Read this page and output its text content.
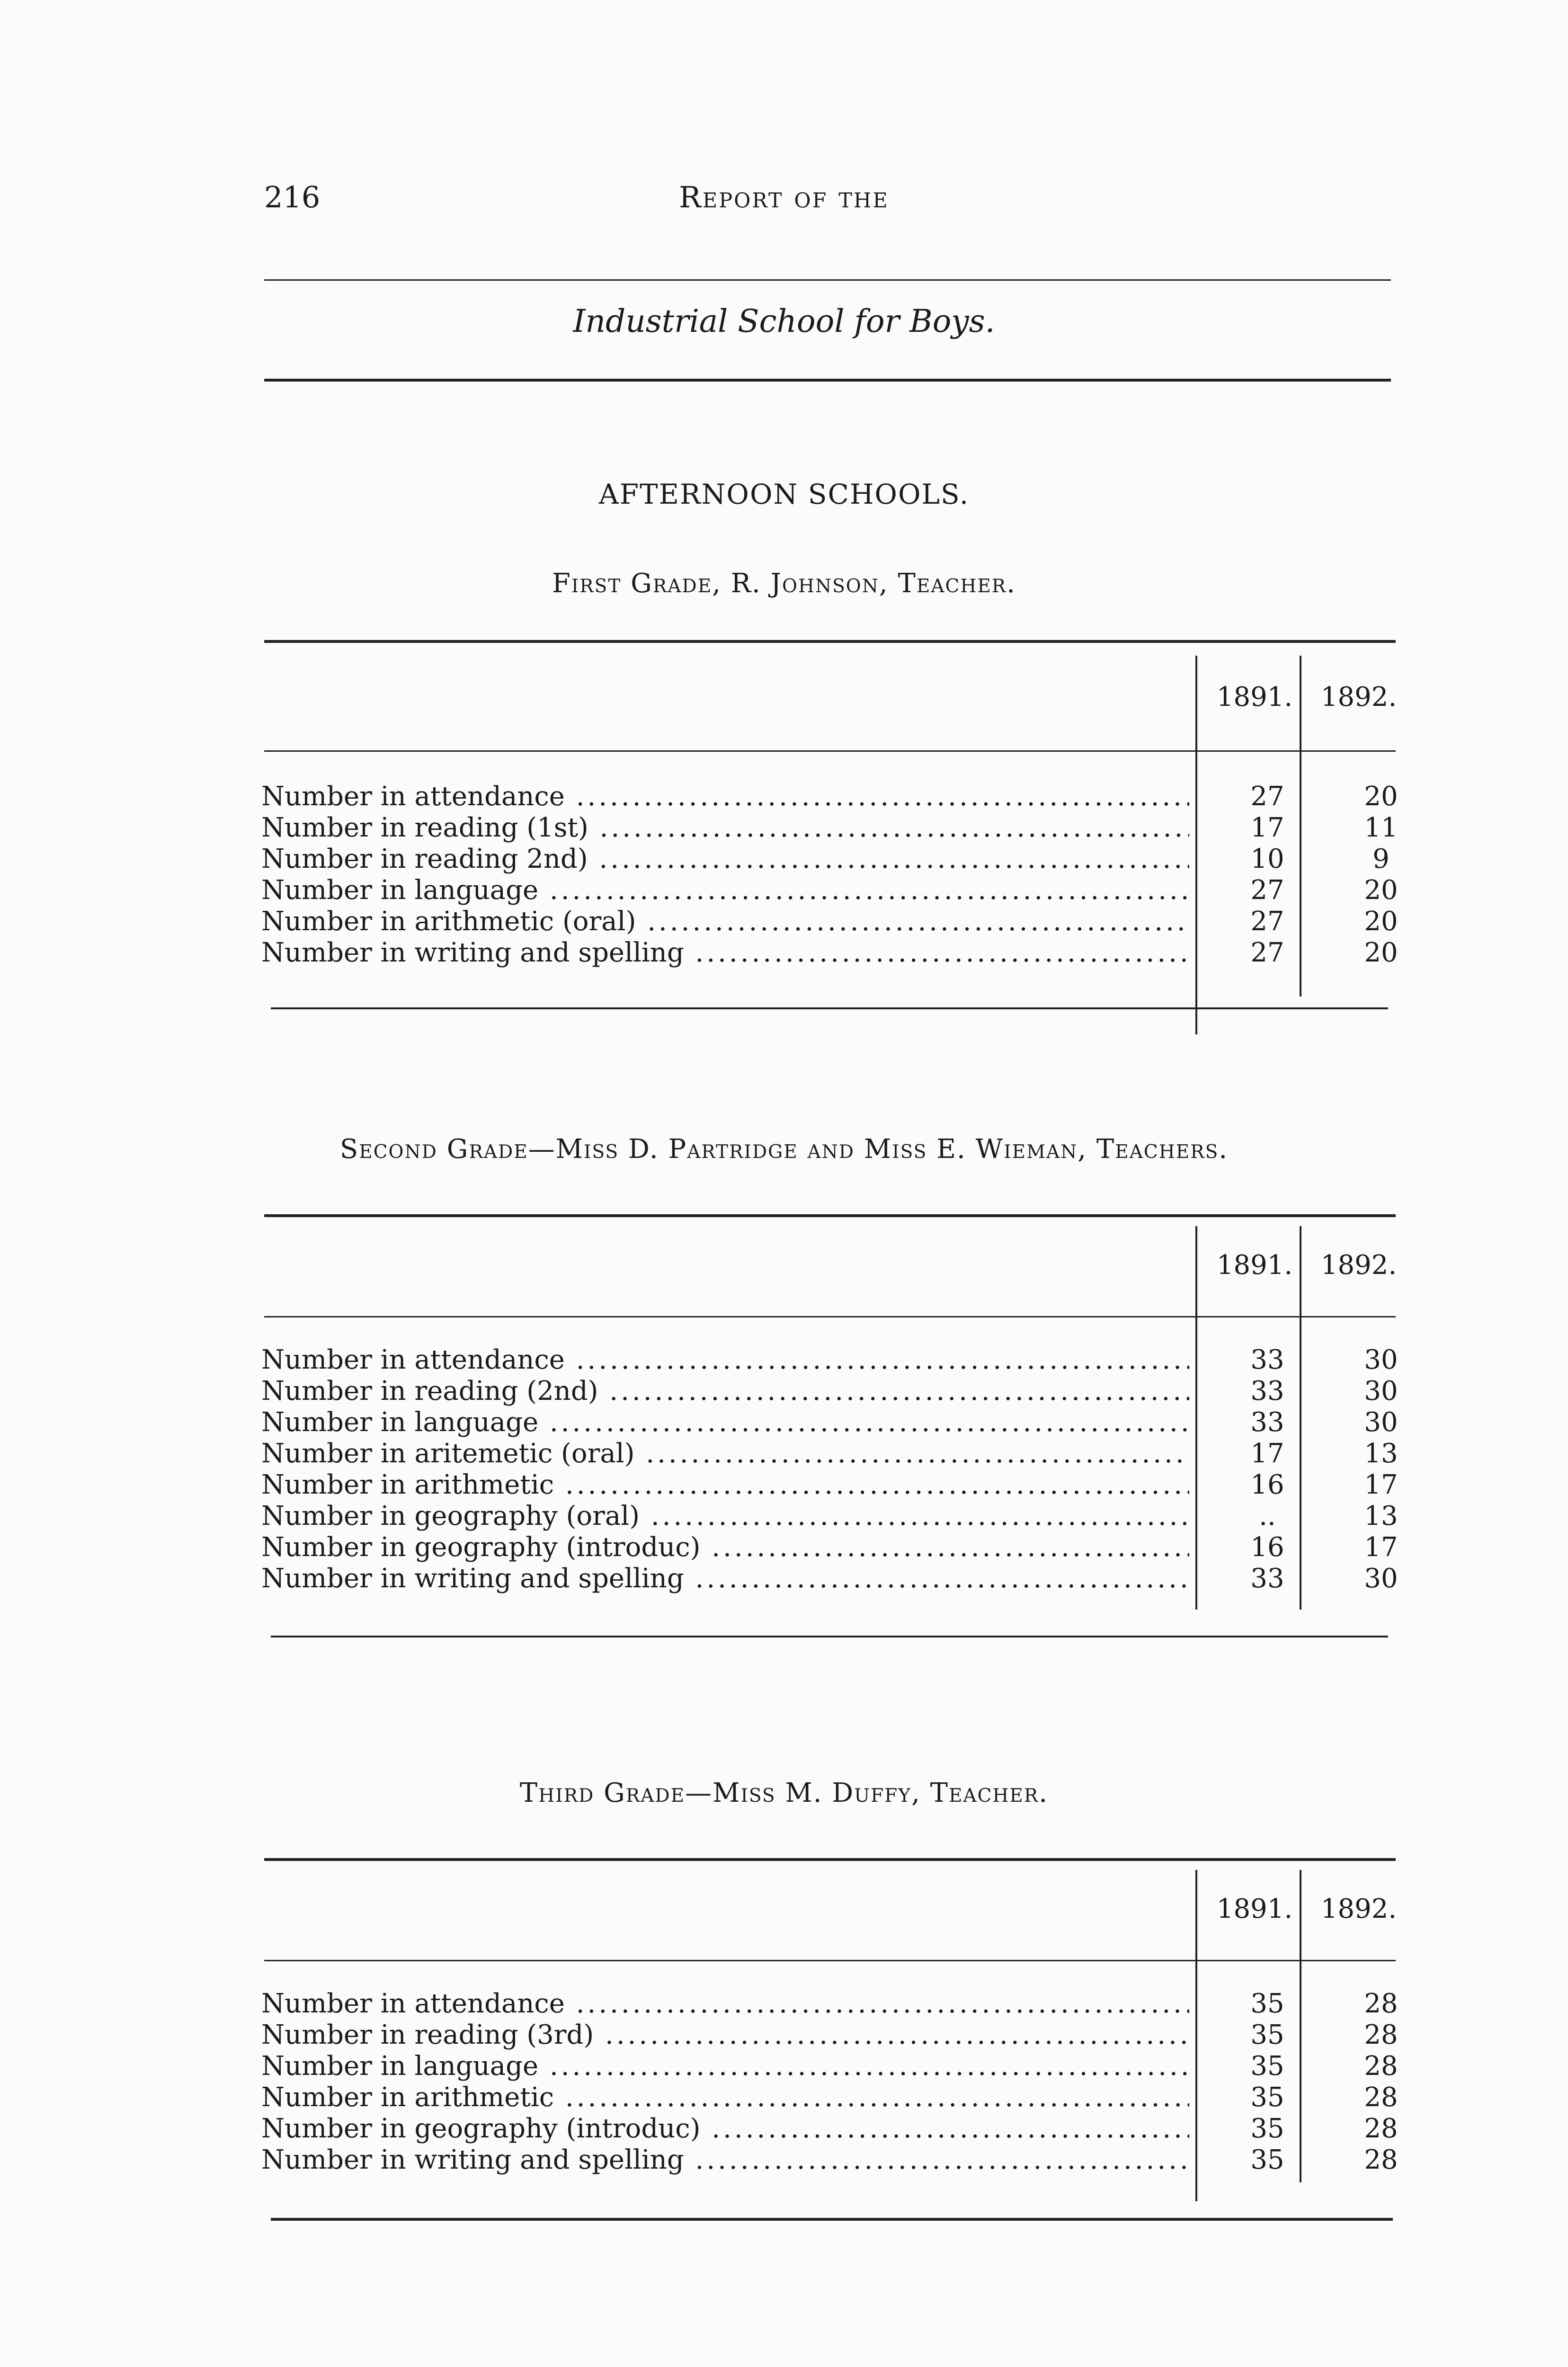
216	Report of the
Industrial School for Boys.
AFTERNOON SCHOOLS.
First Grade, R. Johnson, Teacher.
1891.	1892.
Number in attendance .....	27	20
Number in reading (1st) .....	17	11
Number in reading 2nd) .....	10	9
Number in language .....	27	20
Number in arithmetic (oral) .....	27	20
Number in writing and spelling .....	27	20
Second Grade—Miss D. Partridge and Miss E. Wieman, Teachers.
1891.	1892.
Number in attendance .....	33	30
Number in reading (2nd) .....	33	30
Number in language .....	33	30
Number in aritemetic (oral) .....	17	13
Number in arithmetic .....	16	17
Number in geography (oral) .....	..	13
Number in geography (introduc) .....	16	17
Number in writing and spelling .....	33	30
Third Grade—Miss M. Duffy, Teacher.
1891.	1892.
Number in attendance .....	35	28
Number in reading (3rd) .....	35	28
Number in language .....	35	28
Number in arithmetic .....	35	28
Number in geography (introduc) .....	35	28
Number in writing and spelling .....	35	28
